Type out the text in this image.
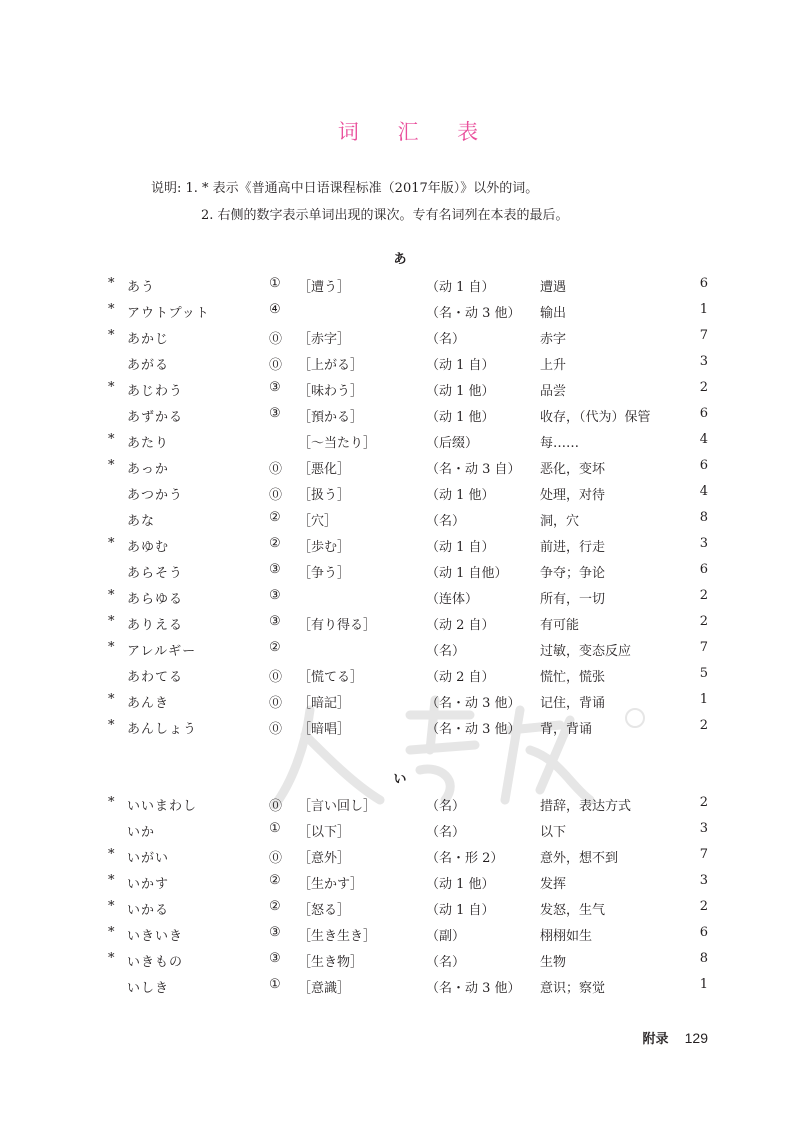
词 汇 表
说明: 1. * 表示《普通高中日语课程标准（2017年版）》以外的词。
2. 右侧的数字表示单词出现的课次。专有名词列在本表的最后。
あ
* あう	① ［遭う］	（动 1 自）	遭遇	6
* アウトプット	④	（名・动 3 他） 输出	1
* あかじ	⓪ ［赤字］	（名）	赤字	7
あがる	⓪ ［上がる］	（动 1 自）	上升	3
* あじわう	③ ［味わう］	（动 1 他）	品尝	2
あずかる	③ ［預かる］	（动 1 他）	收存，（代为）保管	6
* あたり	［～当たり］	（后缀）	每……	4
* あっか	⓪ ［悪化］	（名・动 3 自） 恶化，变坏	6
あつかう	⓪ ［扱う］	（动 1 他）	处理，对待	4
あな	② ［穴］	（名）	洞，穴	8
* あゆむ	② ［歩む］	（动 1 自）	前进，行走	3
あらそう	③ ［争う］	（动 1 自他） 争夺；争论	6
* あらゆる	③	（连体）	所有，一切	2
* ありえる	③ ［有り得る］	（动 2 自）	有可能	2
* アレルギー	②	（名）	过敏，变态反应	7
あわてる	⓪ ［慌てる］	（动 2 自）	慌忙，慌张	5
* あんき	⓪ ［暗記］	（名・动 3 他） 记住，背诵	1
* あんしょう	⓪ ［暗唱］	（名・动 3 他） 背，背诵	2
い
* いいまわし	⓪ ［言い回し］	（名）	措辞，表达方式	2
いか	① ［以下］	（名）	以下	3
* いがい	⓪ ［意外］	（名・形 2）	意外，想不到	7
* いかす	② ［生かす］	（动 1 他）	发挥	3
* いかる	② ［怒る］	（动 1 自）	发怒，生气	2
* いきいき	③ ［生き生き］	（副）	栩栩如生	6
* いきもの	③ ［生き物］	（名）	生物	8
いしき	① ［意識］	（名・动 3 他） 意识；察觉	1
附录 129
